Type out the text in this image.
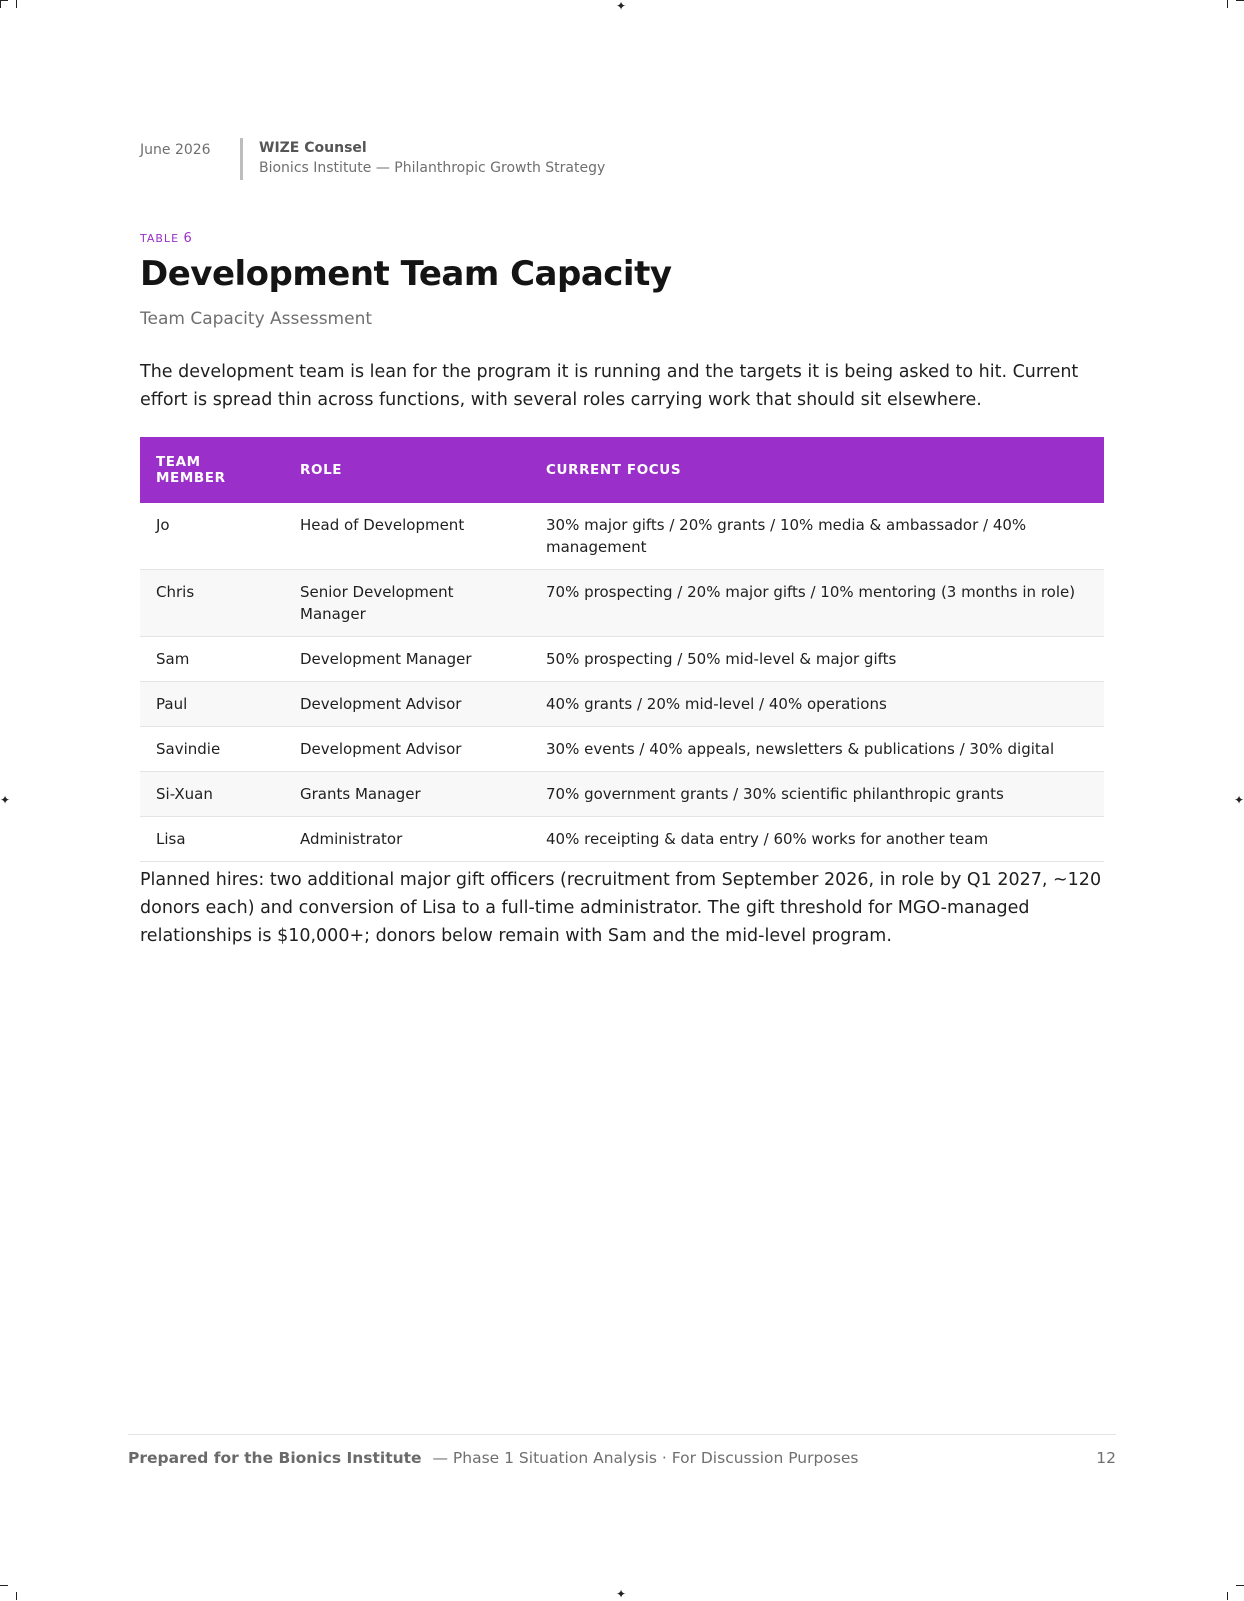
✦
✦
✦	✦
June 2026	WIZE Counsel
Bionics Institute — Philanthropic Growth Strategy
TABLE 6
Development Team Capacity
Team Capacity Assessment

The development team is lean for the program it is running and the targets it is being asked to hit. Current effort is spread thin across functions, with several roles carrying work that should sit elsewhere.

TEAM MEMBER	ROLE	CURRENT FOCUS
Jo	Head of Development	30% major gifts / 20% grants / 10% media & ambassador / 40% management
Chris	Senior Development Manager	70% prospecting / 20% major gifts / 10% mentoring (3 months in role)
Sam	Development Manager	50% prospecting / 50% mid-level & major gifts
Paul	Development Advisor	40% grants / 20% mid-level / 40% operations
Savindie	Development Advisor	30% events / 40% appeals, newsletters & publications / 30% digital
Si-Xuan	Grants Manager	70% government grants / 30% scientific philanthropic grants
Lisa	Administrator	40% receipting & data entry / 60% works for another team

Planned hires: two additional major gift officers (recruitment from September 2026, in role by Q1 2027, ~120 donors each) and conversion of Lisa to a full-time administrator. The gift threshold for MGO-managed relationships is $10,000+; donors below remain with Sam and the mid-level program.

Prepared for the Bionics Institute — Phase 1 Situation Analysis · For Discussion Purposes	12
